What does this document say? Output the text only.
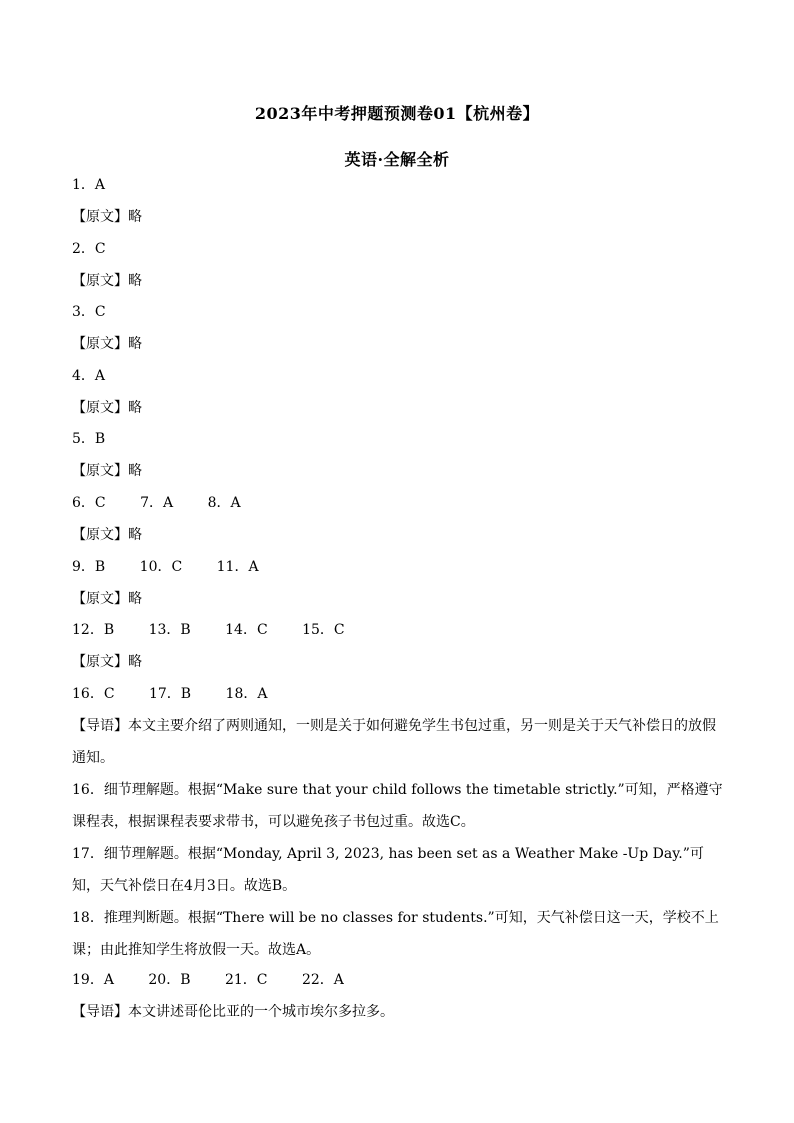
2023年中考押题预测卷01【杭州卷】
英语·全解全析
1．A
【原文】略
2．C
【原文】略
3．C
【原文】略
4．A
【原文】略
5．B
【原文】略
6．C 7．A 8．A
【原文】略
9．B 10．C 11．A
【原文】略
12．B 13．B 14．C 15．C
【原文】略
16．C 17．B 18．A
【导语】本文主要介绍了两则通知，一则是关于如何避免学生书包过重，另一则是关于天气补偿日的放假通知。
16．细节理解题。根据“Make sure that your child follows the timetable strictly.”可知，严格遵守课程表，根据课程表要求带书，可以避免孩子书包过重。故选C。
17．细节理解题。根据“Monday, April 3, 2023, has been set as a Weather Make -Up Day.”可知，天气补偿日在4月3日。故选B。
18．推理判断题。根据“There will be no classes for students.”可知，天气补偿日这一天，学校不上课；由此推知学生将放假一天。故选A。
19．A 20．B 21．C 22．A
【导语】本文讲述哥伦比亚的一个城市埃尔多拉多。
